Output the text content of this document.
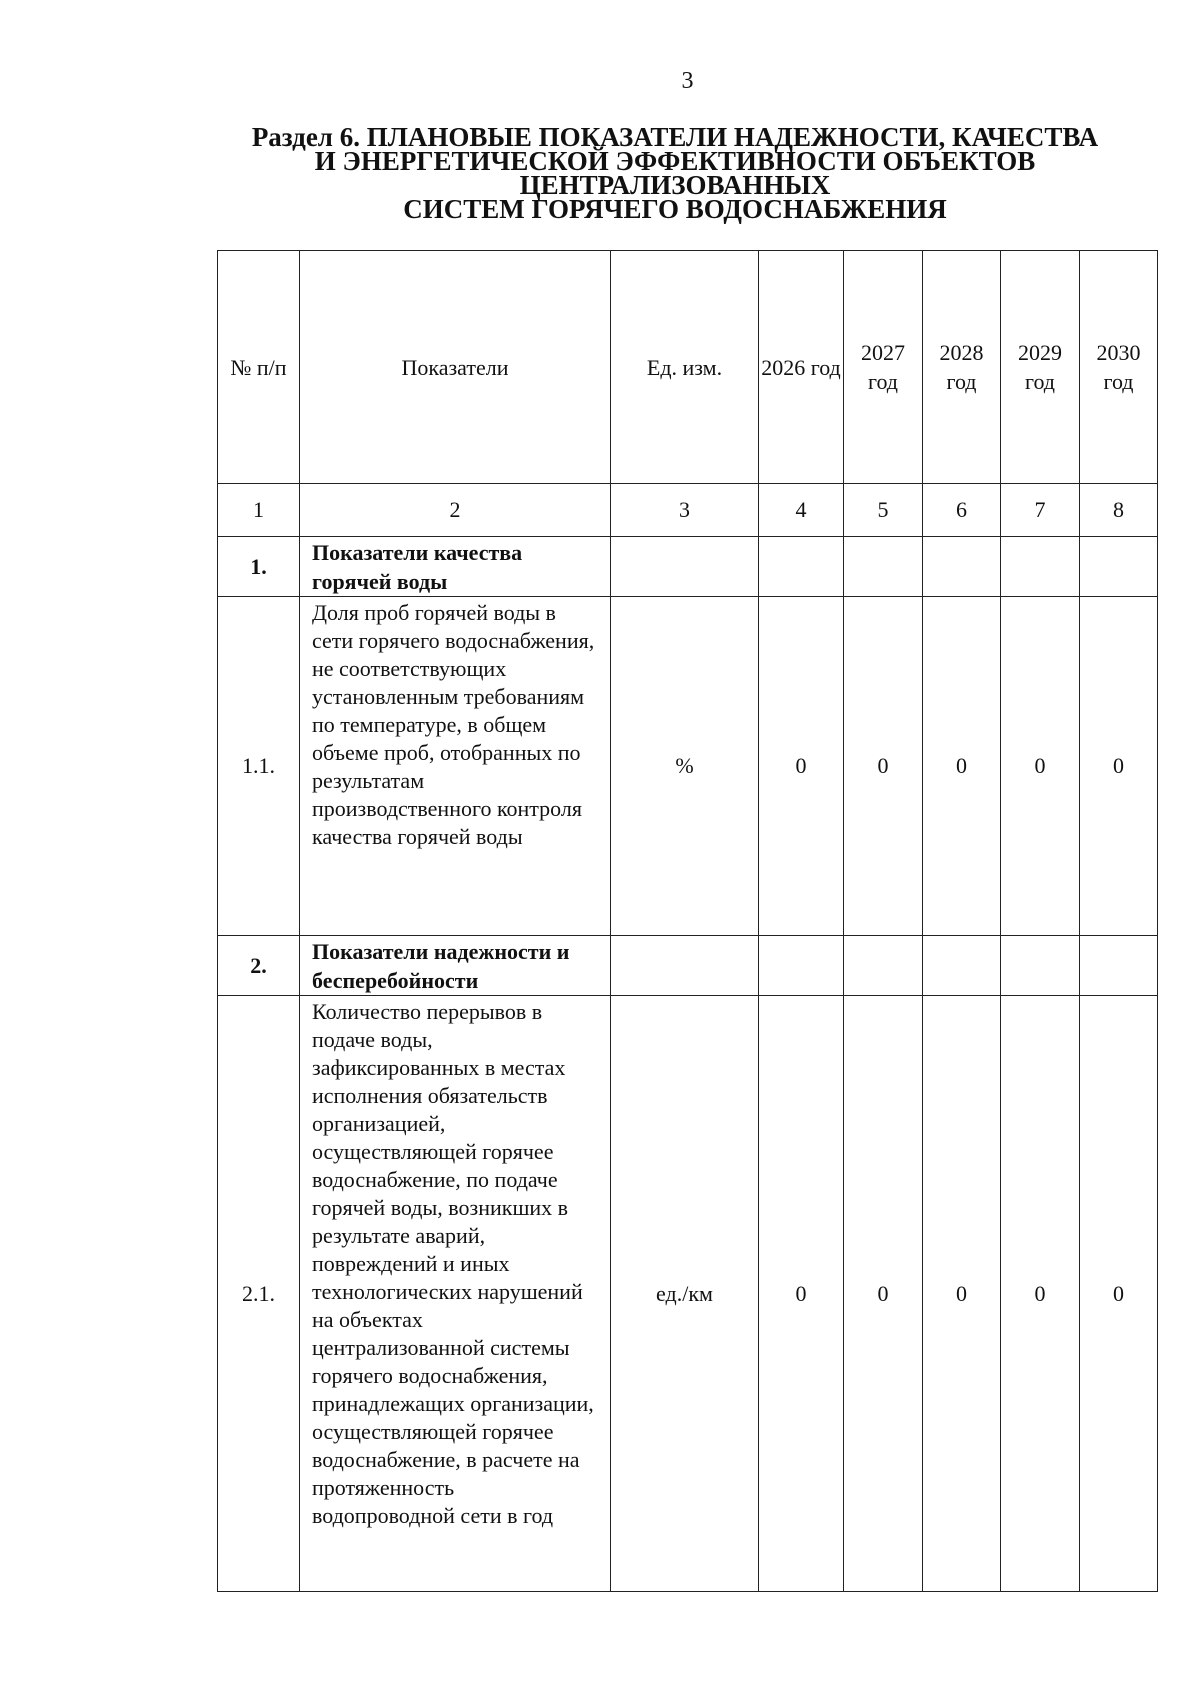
3
Раздел 6. ПЛАНОВЫЕ ПОКАЗАТЕЛИ НАДЕЖНОСТИ, КАЧЕСТВА
И ЭНЕРГЕТИЧЕСКОЙ ЭФФЕКТИВНОСТИ ОБЪЕКТОВ
ЦЕНТРАЛИЗОВАННЫХ
СИСТЕМ ГОРЯЧЕГО ВОДОСНАБЖЕНИЯ
№ п/п	Показатели	Ед. изм.	2026 год	2027 год	2028 год	2029 год	2030 год
1	2	3	4	5	6	7	8
1.	Показатели качества горячей воды						
1.1.	Доля проб горячей воды в сети горячего водоснабжения, не соответствующих установленным требованиям по температуре, в общем объеме проб, отобранных по результатам производственного контроля качества горячей воды	%	0	0	0	0	0
2.	Показатели надежности и бесперебойности						
2.1.	Количество перерывов в подаче воды, зафиксированных в местах исполнения обязательств организацией, осуществляющей горячее водоснабжение, по подаче горячей воды, возникших в результате аварий, повреждений и иных технологических нарушений на объектах централизованной системы горячего водоснабжения, принадлежащих организации, осуществляющей горячее водоснабжение, в расчете на протяженность водопроводной сети в год	ед./км	0	0	0	0	0
